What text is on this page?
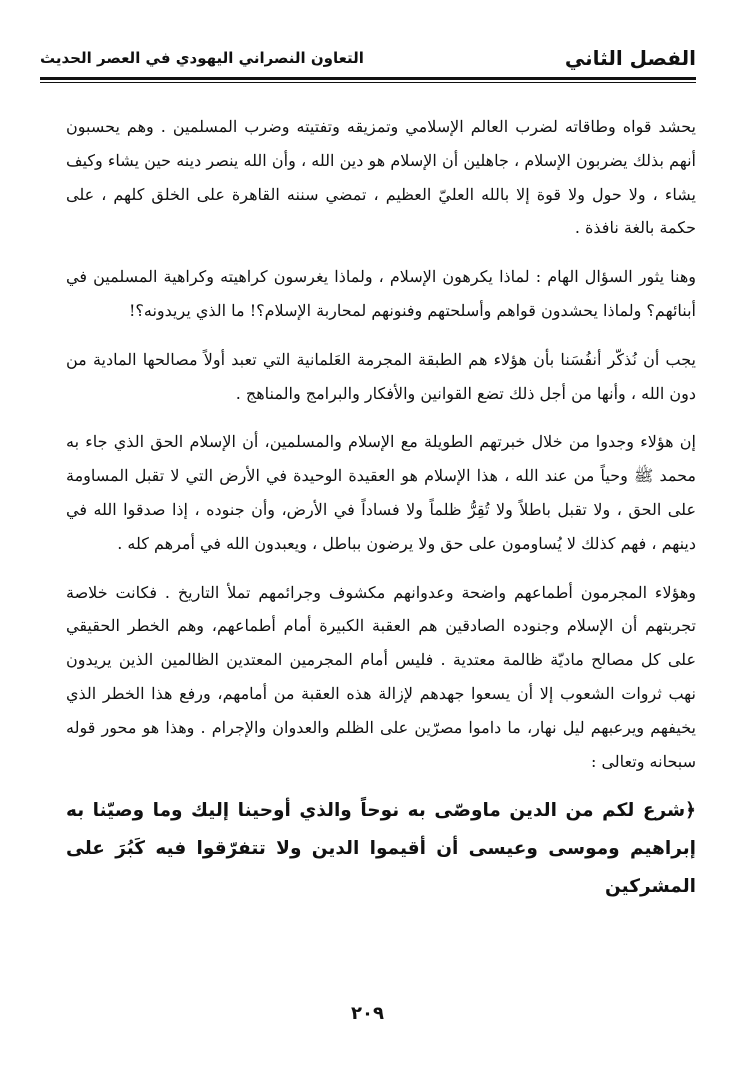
الفصل الثاني
التعاون النصراني اليهودي في العصر الحديث

يحشد قواه وطاقاته لضرب العالم الإسلامي وتمزيقه وتفتيته وضرب المسلمين . وهم يحسبون أنهم بذلك يضربون الإسلام ، جاهلين أن الإسلام هو دين الله ، وأن الله ينصر دينه حين يشاء وكيف يشاء ، ولا حول ولا قوة إلا بالله العليّ العظيم ، تمضي سننه القاهرة على الخلق كلهم ، على حكمة بالغة نافذة .

وهنا يثور السؤال الهام : لماذا يكرهون الإسلام ، ولماذا يغرسون كراهيته وكراهية المسلمين في أبنائهم؟ ولماذا يحشدون قواهم وأسلحتهم وفنونهم لمحاربة الإسلام؟! ما الذي يريدونه؟!

يجب أن نُذكّر أنفُسَنا بأن هؤلاء هم الطبقة المجرمة العَلمانية التي تعبد أولاً مصالحها المادية من دون الله ، وأنها من أجل ذلك تضع القوانين والأفكار والبرامج والمناهج .

إن هؤلاء وجدوا من خلال خبرتهم الطويلة مع الإسلام والمسلمين، أن الإسلام الحق الذي جاء به محمد ﷺ وحياً من عند الله ، هذا الإسلام هو العقيدة الوحيدة في الأرض التي لا تقبل المساومة على الحق ، ولا تقبل باطلاً ولا تُقِرُّ ظلماً ولا فساداً في الأرض، وأن جنوده ، إذا صدقوا الله في دينهم ، فهم كذلك لا يُساومون على حق ولا يرضون بباطل ، ويعبدون الله في أمرهم كله .

وهؤلاء المجرمون أطماعهم واضحة وعدوانهم مكشوف وجرائمهم تملأ التاريخ . فكانت خلاصة تجربتهم أن الإسلام وجنوده الصادقين هم العقبة الكبيرة أمام أطماعهم، وهم الخطر الحقيقي على كل مصالح ماديّة ظالمة معتدية . فليس أمام المجرمين المعتدين الظالمين الذين يريدون نهب ثروات الشعوب إلا أن يسعوا جهدهم لإزالة هذه العقبة من أمامهم، ورفع هذا الخطر الذي يخيفهم ويرعبهم ليل نهار، ما داموا مصرّين على الظلم والعدوان والإجرام . وهذا هو محور قوله سبحانه وتعالى :

﴿شرع لكم من الدين ماوصّى به نوحاً والذي أوحينا إليك وما وصيّنا به إبراهيم وموسى وعيسى أن أقيموا الدين ولا تتفرّقوا فيه كَبُرَ على المشركين

٢٠٩
